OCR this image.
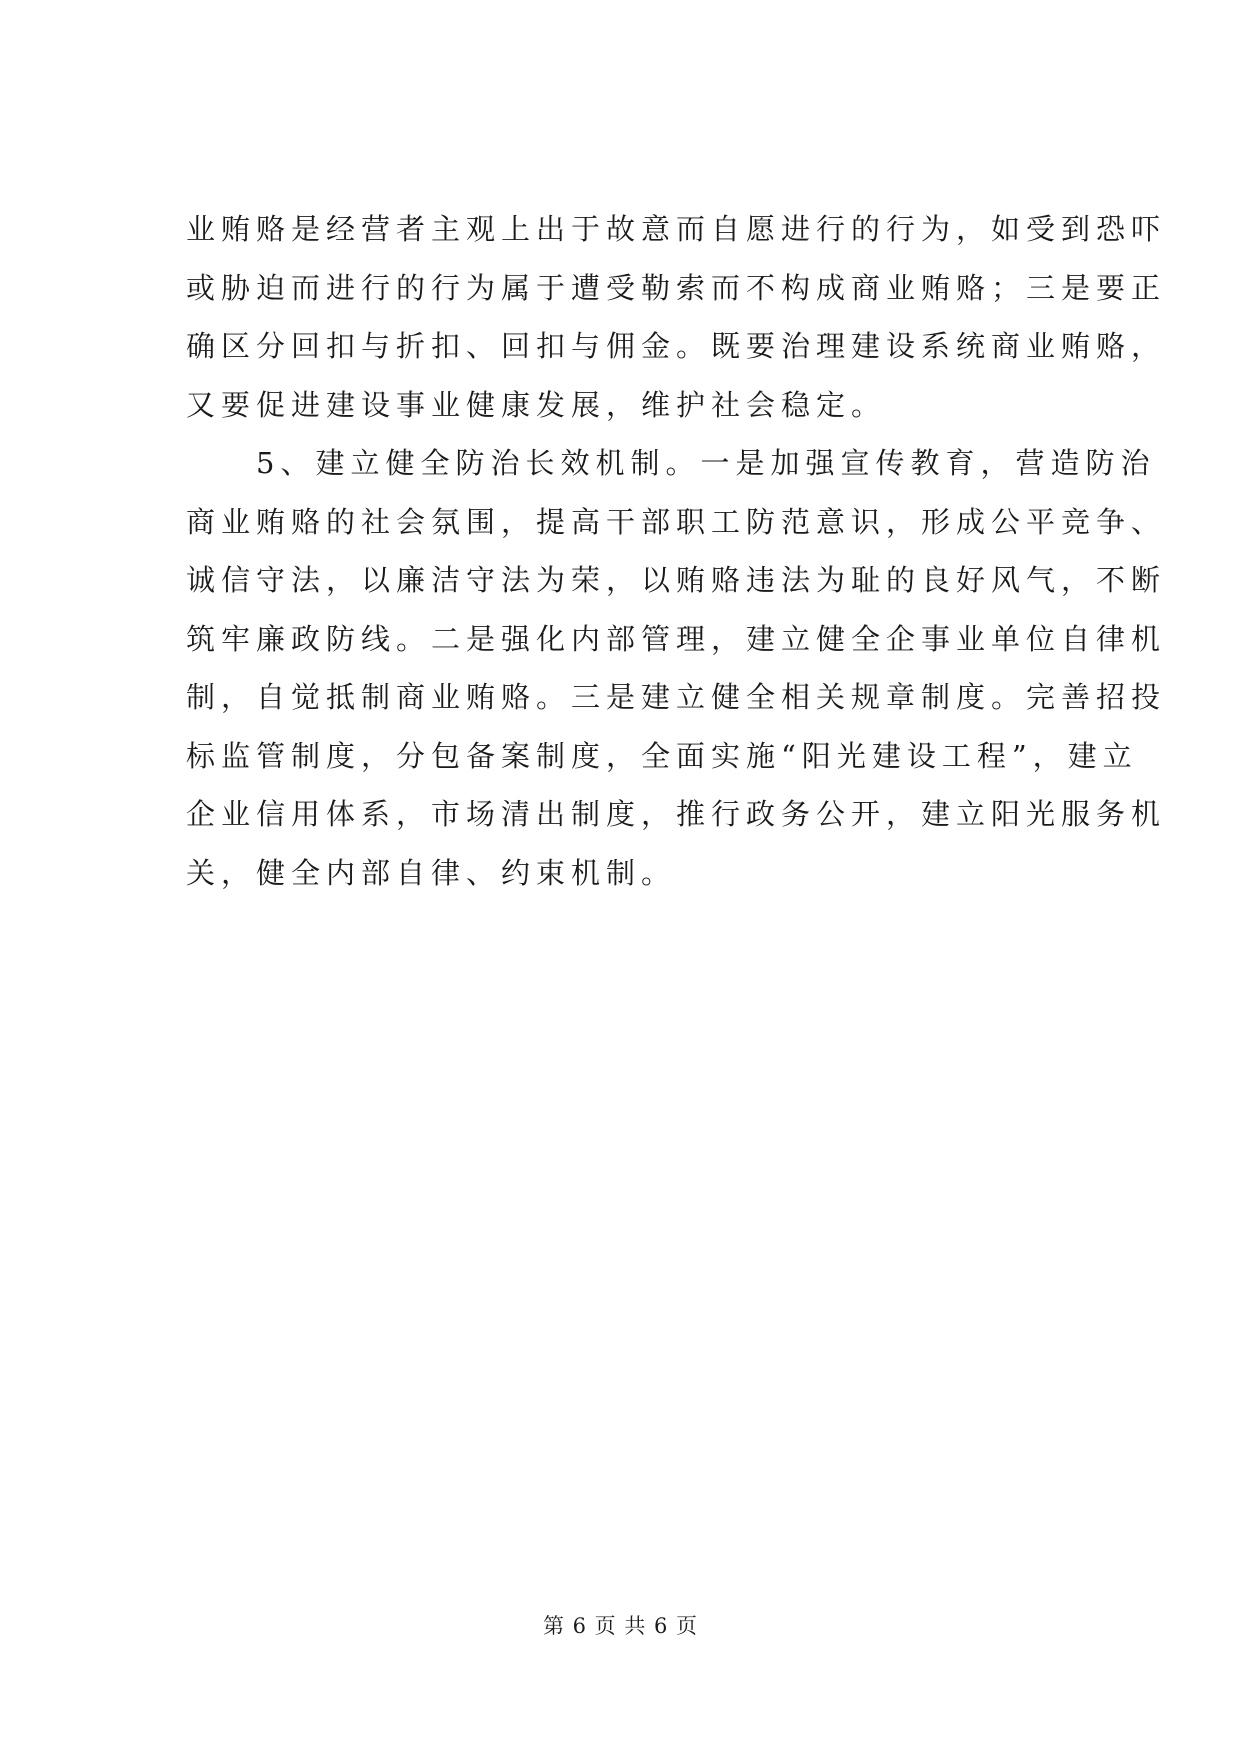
业贿赂是经营者主观上出于故意而自愿进行的行为，如受到恐吓
或胁迫而进行的行为属于遭受勒索而不构成商业贿赂；三是要正
确区分回扣与折扣、回扣与佣金。既要治理建设系统商业贿赂，
又要促进建设事业健康发展，维护社会稳定。
　　5、建立健全防治长效机制。一是加强宣传教育，营造防治
商业贿赂的社会氛围，提高干部职工防范意识，形成公平竞争、
诚信守法，以廉洁守法为荣，以贿赂违法为耻的良好风气，不断
筑牢廉政防线。二是强化内部管理，建立健全企事业单位自律机
制，自觉抵制商业贿赂。三是建立健全相关规章制度。完善招投
标监管制度，分包备案制度，全面实施“阳光建设工程”，建立
企业信用体系，市场清出制度，推行政务公开，建立阳光服务机
关，健全内部自律、约束机制。
第 6 页 共 6 页
